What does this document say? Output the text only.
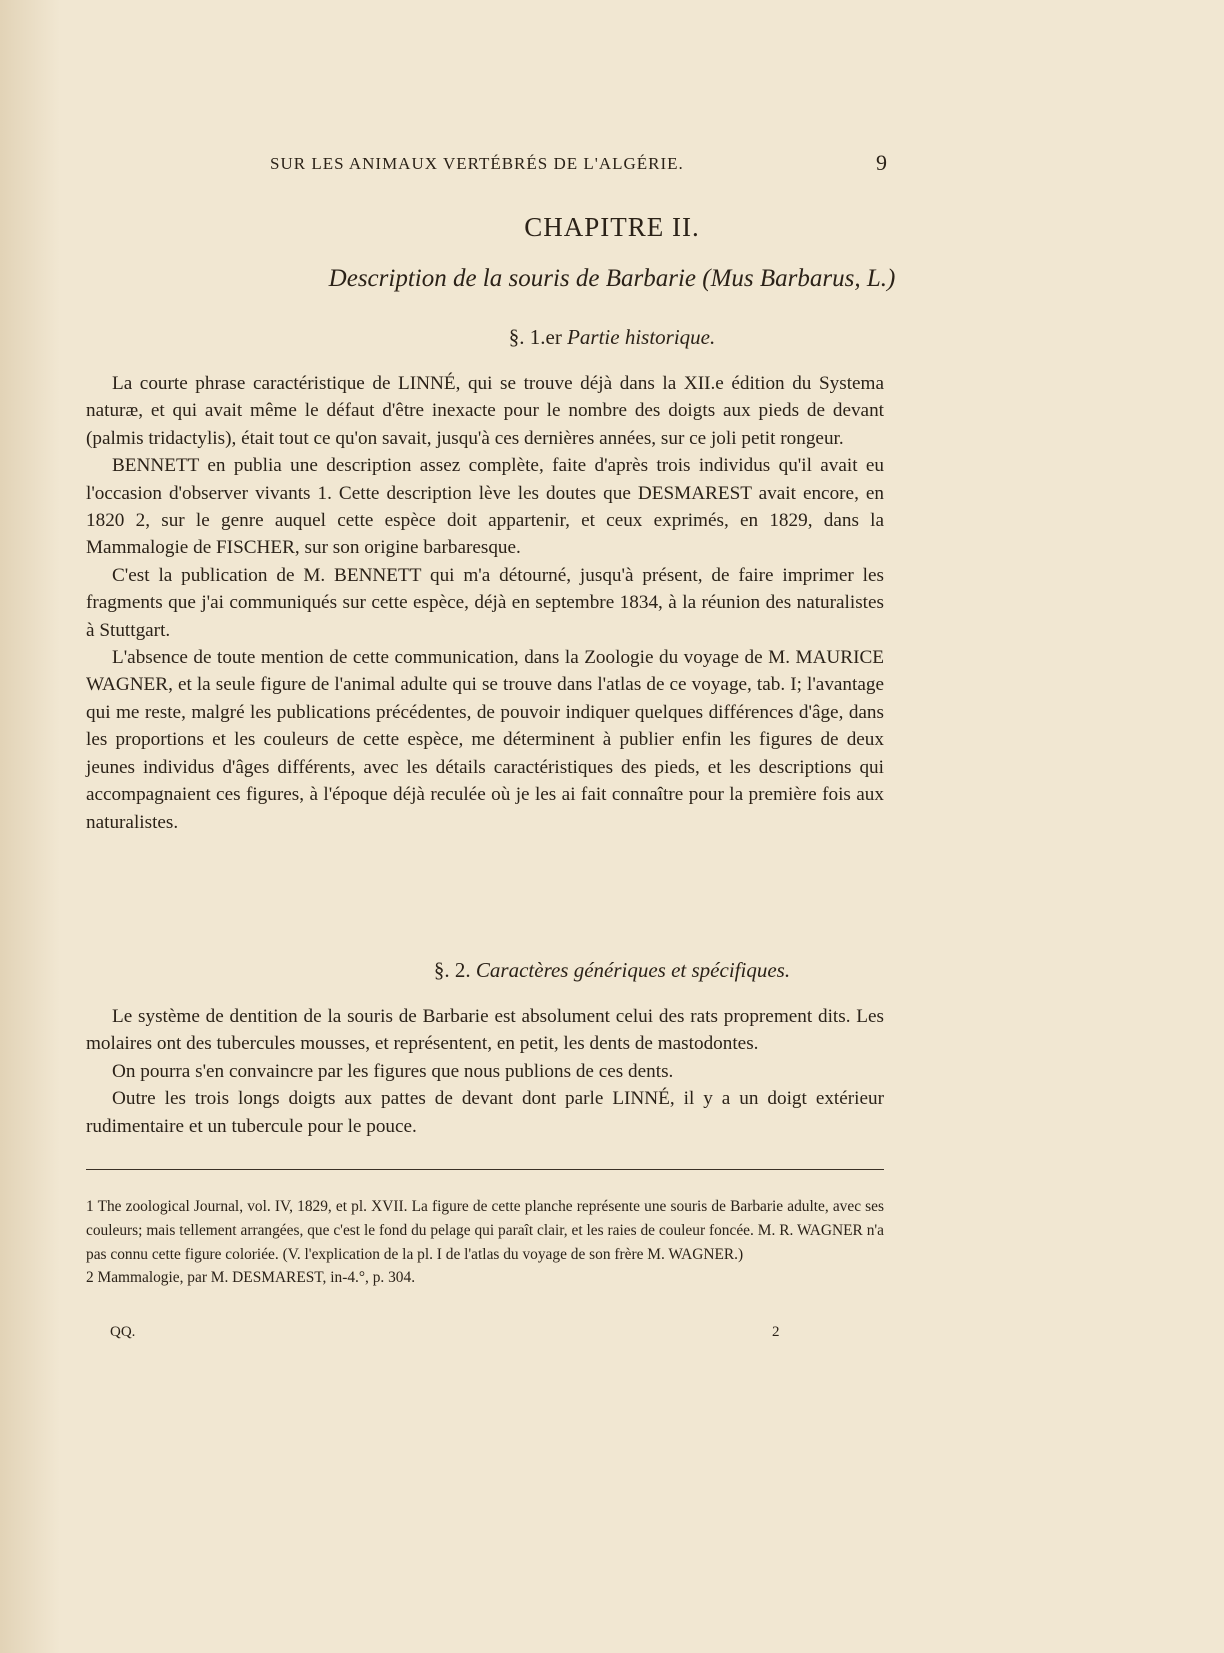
SUR LES ANIMAUX VERTÉBRÉS DE L'ALGÉRIE.	9
CHAPITRE II.
Description de la souris de Barbarie (Mus Barbarus, L.)
§. 1.er Partie historique.

La courte phrase caractéristique de LINNÉ, qui se trouve déjà dans la XII.e édition du Systema naturæ, et qui avait même le défaut d'être inexacte pour le nombre des doigts aux pieds de devant (palmis tridactylis), était tout ce qu'on savait, jusqu'à ces dernières années, sur ce joli petit rongeur.

BENNETT en publia une description assez complète, faite d'après trois individus qu'il avait eu l'occasion d'observer vivants 1. Cette description lève les doutes que DESMAREST avait encore, en 1820 2, sur le genre auquel cette espèce doit appartenir, et ceux exprimés, en 1829, dans la Mammalogie de FISCHER, sur son origine barbaresque.

C'est la publication de M. BENNETT qui m'a détourné, jusqu'à présent, de faire imprimer les fragments que j'ai communiqués sur cette espèce, déjà en septembre 1834, à la réunion des naturalistes à Stuttgart.

L'absence de toute mention de cette communication, dans la Zoologie du voyage de M. MAURICE WAGNER, et la seule figure de l'animal adulte qui se trouve dans l'atlas de ce voyage, tab. I; l'avantage qui me reste, malgré les publications précédentes, de pouvoir indiquer quelques différences d'âge, dans les proportions et les couleurs de cette espèce, me déterminent à publier enfin les figures de deux jeunes individus d'âges différents, avec les détails caractéristiques des pieds, et les descriptions qui accompagnaient ces figures, à l'époque déjà reculée où je les ai fait connaître pour la première fois aux naturalistes.

§. 2. Caractères génériques et spécifiques.

Le système de dentition de la souris de Barbarie est absolument celui des rats proprement dits. Les molaires ont des tubercules mousses, et représentent, en petit, les dents de mastodontes.

On pourra s'en convaincre par les figures que nous publions de ces dents.

Outre les trois longs doigts aux pattes de devant dont parle LINNÉ, il y a un doigt extérieur rudimentaire et un tubercule pour le pouce.

1 The zoological Journal, vol. IV, 1829, et pl. XVII. La figure de cette planche représente une souris de Barbarie adulte, avec ses couleurs; mais tellement arrangées, que c'est le fond du pelage qui paraît clair, et les raies de couleur foncée. M. R. WAGNER n'a pas connu cette figure coloriée. (V. l'explication de la pl. I de l'atlas du voyage de son frère M. WAGNER.)

2 Mammalogie, par M. DESMAREST, in-4.°, p. 304.

QQ.	2
